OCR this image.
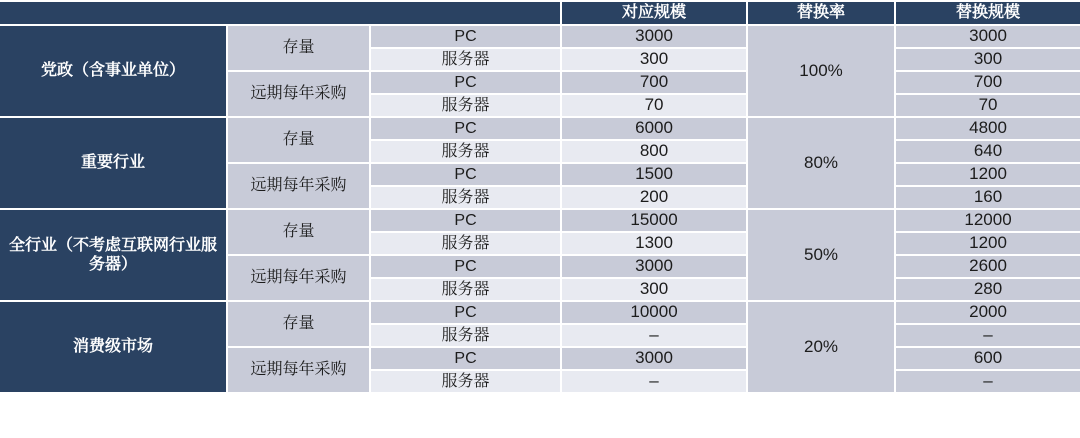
			对应规模	替换率	替换规模
党政（含事业单位）	存量	PC	3000	100%	3000
		服务器	300		300
	远期每年采购	PC	700		700
		服务器	70		70
重要行业	存量	PC	6000	80%	4800
		服务器	800		640
	远期每年采购	PC	1500		1200
		服务器	200		160
全行业（不考虑互联网行业服务器）	存量	PC	15000	50%	12000
		服务器	1300		1200
	远期每年采购	PC	3000		2600
		服务器	300		280
消费级市场	存量	PC	10000	20%	2000
		服务器	–		–
	远期每年采购	PC	3000		600
		服务器	–		–
